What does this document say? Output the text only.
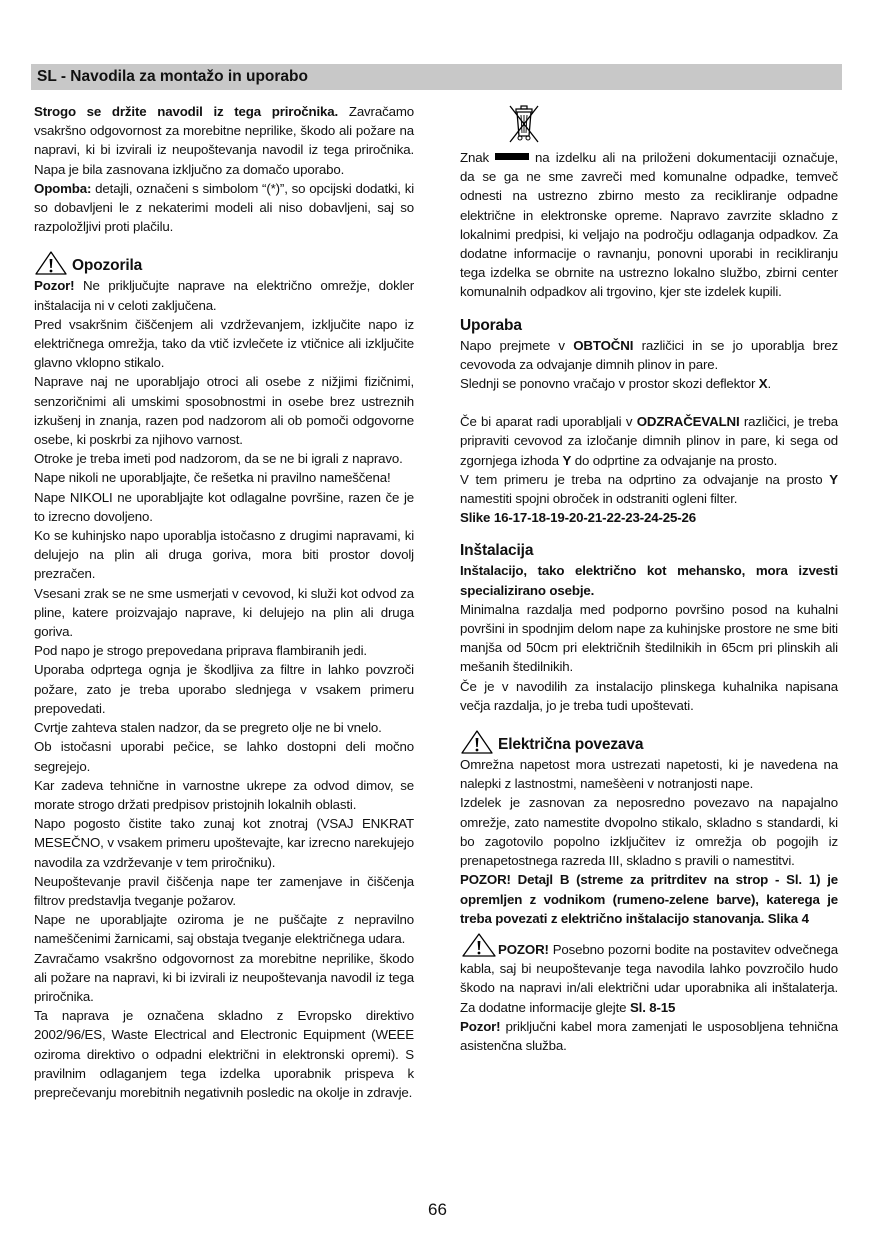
SL - Navodila za montažo in uporabo

Strogo se držite navodil iz tega priročnika. Zavračamo vsakršno odgovornost za morebitne neprilike, škodo ali požare na napravi, ki bi izvirali iz neupoštevanja navodil iz tega priročnika. Napa je bila zasnovana izključno za domačo uporabo.

Opomba: detajli, označeni s simbolom “(*)”, so opcijski dodatki, ki so dobavljeni le z nekaterimi modeli ali niso dobavljeni, saj so razpoložljivi proti plačilu.

Opozorila

Pozor! Ne priključujte naprave na električno omrežje, dokler inštalacija ni v celoti zaključena.

Pred vsakršnim čiščenjem ali vzdrževanjem, izključite napo iz električnega omrežja, tako da vtič izvlečete iz vtičnice ali izključite glavno vklopno stikalo.

Naprave naj ne uporabljajo otroci ali osebe z nižjimi fizičnimi, senzoričnimi ali umskimi sposobnostmi in osebe brez ustreznih izkušenj in znanja, razen pod nadzorom ali ob pomoči odgovorne osebe, ki poskrbi za njihovo varnost.

Otroke je treba imeti pod nadzorom, da se ne bi igrali z napravo.

Nape nikoli ne uporabljajte, če rešetka ni pravilno nameščena!

Nape NIKOLI ne uporabljajte kot odlagalne površine, razen če je to izrecno dovoljeno.

Ko se kuhinjsko napo uporablja istočasno z drugimi napravami, ki delujejo na plin ali druga goriva, mora biti prostor dovolj prezračen.

Vsesani zrak se ne sme usmerjati v cevovod, ki služi kot odvod za pline, katere proizvajajo naprave, ki delujejo na plin ali druga goriva.

Pod napo je strogo prepovedana priprava flambiranih jedi.

Uporaba odprtega ognja je škodljiva za filtre in lahko povzroči požare, zato je treba uporabo slednjega v vsakem primeru prepovedati.

Cvrtje zahteva stalen nadzor, da se pregreto olje ne bi vnelo.

Ob istočasni uporabi pečice, se lahko dostopni deli močno segrejejo.

Kar zadeva tehnične in varnostne ukrepe za odvod dimov, se morate strogo držati predpisov pristojnih lokalnih oblasti.

Napo pogosto čistite tako zunaj kot znotraj (VSAJ ENKRAT MESEČNO, v vsakem primeru upoštevajte, kar izrecno narekujejo navodila za vzdrževanje v tem priročniku).

Neupoštevanje pravil čiščenja nape ter zamenjave in čiščenja filtrov predstavlja tveganje požarov.

Nape ne uporabljajte oziroma je ne puščajte z nepravilno nameščenimi žarnicami, saj obstaja tveganje električnega udara.

Zavračamo vsakršno odgovornost za morebitne neprilike, škodo ali požare na napravi, ki bi izvirali iz neupoštevanja navodil iz tega priročnika.

Ta naprava je označena skladno z Evropsko direktivo 2002/96/ES, Waste Electrical and Electronic Equipment (WEEE oziroma direktivo o odpadni električni in elektronski opremi). S pravilnim odlaganjem tega izdelka uporabnik prispeva k preprečevanju morebitnih negativnih posledic na okolje in zdravje.

Znak	na izdelku ali na priloženi dokumentaciji označuje, da se ga ne sme zavreči med komunalne odpadke, temveč odnesti na ustrezno zbirno mesto za recikliranje odpadne električne in elektronske opreme. Napravo zavrzite skladno z lokalnimi predpisi, ki veljajo na področju odlaganja odpadkov. Za dodatne informacije o ravnanju, ponovni uporabi in recikliranju tega izdelka se obrnite na ustrezno lokalno službo, zbirni center komunalnih odpadkov ali trgovino, kjer ste izdelek kupili.

Uporaba

Napo prejmete v OBTOČNI različici in se jo uporablja brez cevovoda za odvajanje dimnih plinov in pare.

Slednji se ponovno vračajo v prostor skozi deflektor X.

Če bi aparat radi uporabljali v ODZRAČEVALNI različici, je treba pripraviti cevovod za izločanje dimnih plinov in pare, ki sega od zgornjega izhoda Y do odprtine za odvajanje na prosto.

V tem primeru je treba na odprtino za odvajanje na prosto Y namestiti spojni obroček in odstraniti ogleni filter.

Slike 16-17-18-19-20-21-22-23-24-25-26

Inštalacija

Inštalacijo, tako električno kot mehansko, mora izvesti specializirano osebje.

Minimalna razdalja med podporno površino posod na kuhalni površini in spodnjim delom nape za kuhinjske prostore ne sme biti manjša od 50cm pri električnih štedilnikih in 65cm pri plinskih ali mešanih štedilnikih.

Če je v navodilih za instalacijo plinskega kuhalnika napisana večja razdalja, jo je treba tudi upoštevati.

Električna povezava

Omrežna napetost mora ustrezati napetosti, ki je navedena na nalepki z lastnostmi, namešèeni v notranjosti nape.

Izdelek je zasnovan za neposredno povezavo na napajalno omrežje, zato namestite dvopolno stikalo, skladno s standardi, ki bo zagotovilo popolno izključitev iz omrežja ob pogojih iz prenapetostnega razreda III, skladno s pravili o namestitvi.

POZOR! Detajl B (streme za pritrditev na strop - Sl. 1) je opremljen z vodnikom (rumeno-zelene barve), katerega je treba povezati z električno inštalacijo stanovanja. Slika 4

POZOR! Posebno pozorni bodite na postavitev odvečnega kabla, saj bi neupoštevanje tega navodila lahko povzročilo hudo škodo na napravi in/ali električni udar uporabnika ali inštalaterja. Za dodatne informacije glejte Sl. 8-15

Pozor! priključni kabel mora zamenjati le usposobljena tehnična asistenčna služba.

66
